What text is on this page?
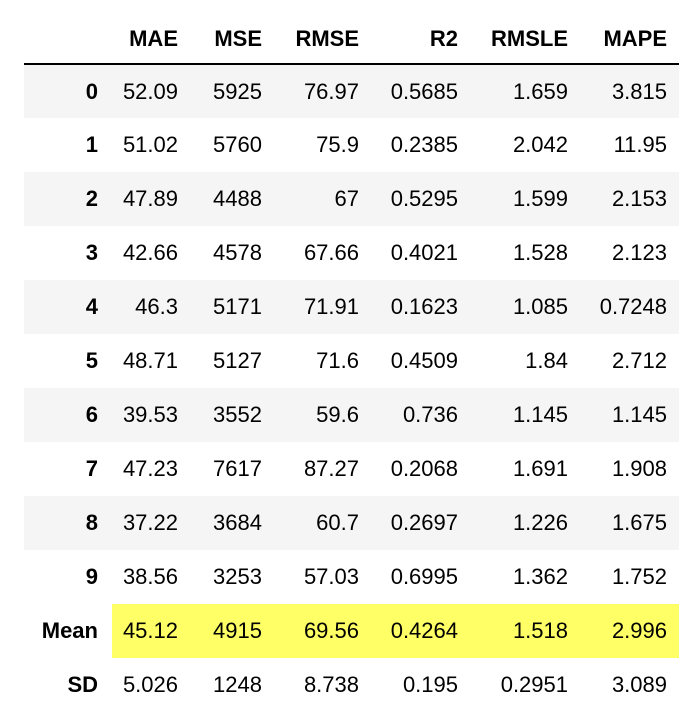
	MAE	MSE	RMSE	R2	RMSLE	MAPE
0	52.09	5925	76.97	0.5685	1.659	3.815
1	51.02	5760	75.9	0.2385	2.042	11.95
2	47.89	4488	67	0.5295	1.599	2.153
3	42.66	4578	67.66	0.4021	1.528	2.123
4	46.3	5171	71.91	0.1623	1.085	0.7248
5	48.71	5127	71.6	0.4509	1.84	2.712
6	39.53	3552	59.6	0.736	1.145	1.145
7	47.23	7617	87.27	0.2068	1.691	1.908
8	37.22	3684	60.7	0.2697	1.226	1.675
9	38.56	3253	57.03	0.6995	1.362	1.752
Mean	45.12	4915	69.56	0.4264	1.518	2.996
SD	5.026	1248	8.738	0.195	0.2951	3.089
